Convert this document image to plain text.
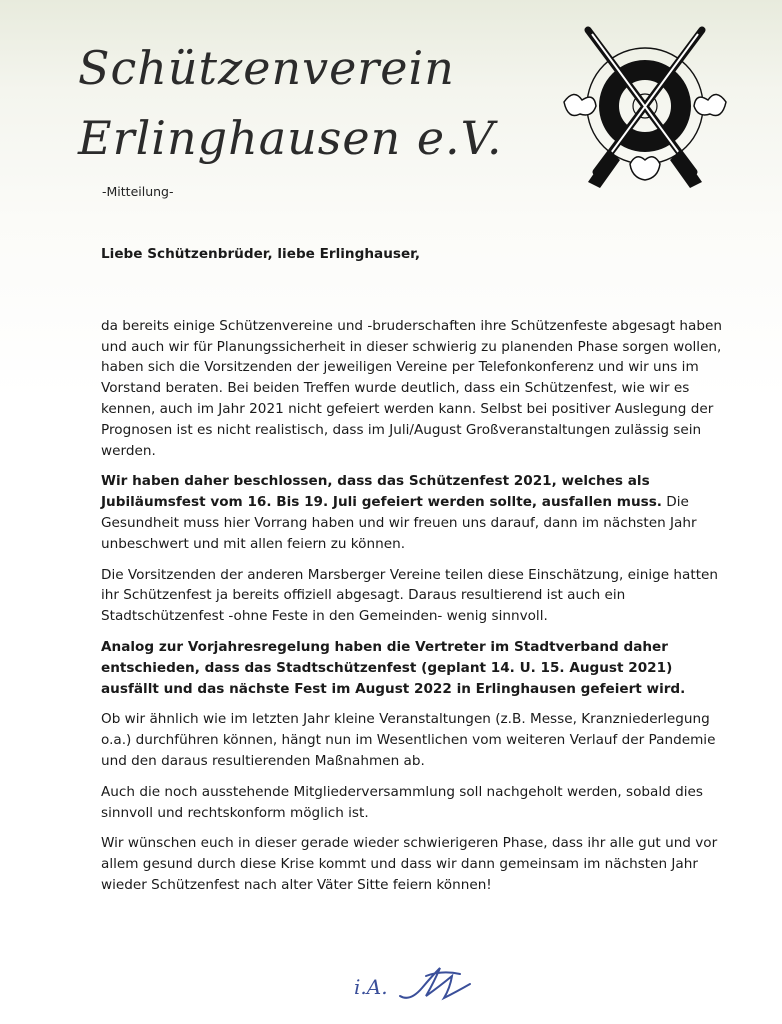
Schützenverein
Erlinghausen e.V.
-Mitteilung-

Liebe Schützenbrüder, liebe Erlinghauser,

da bereits einige Schützenvereine und -bruderschaften ihre Schützenfeste abgesagt haben und auch wir für Planungssicherheit in dieser schwierig zu planenden Phase sorgen wollen, haben sich die Vorsitzenden der jeweiligen Vereine per Telefonkonferenz und wir uns im Vorstand beraten. Bei beiden Treffen wurde deutlich, dass ein Schützenfest, wie wir es kennen, auch im Jahr 2021 nicht gefeiert werden kann. Selbst bei positiver Auslegung der Prognosen ist es nicht realistisch, dass im Juli/August Großveranstaltungen zulässig sein werden.

Wir haben daher beschlossen, dass das Schützenfest 2021, welches als Jubiläumsfest vom 16. Bis 19. Juli gefeiert werden sollte, ausfallen muss. Die Gesundheit muss hier Vorrang haben und wir freuen uns darauf, dann im nächsten Jahr unbeschwert und mit allen feiern zu können.

Die Vorsitzenden der anderen Marsberger Vereine teilen diese Einschätzung, einige hatten ihr Schützenfest ja bereits offiziell abgesagt. Daraus resultierend ist auch ein Stadtschützenfest -ohne Feste in den Gemeinden- wenig sinnvoll.

Analog zur Vorjahresregelung haben die Vertreter im Stadtverband daher entschieden, dass das Stadtschützenfest (geplant 14. U. 15. August 2021) ausfällt und das nächste Fest im August 2022 in Erlinghausen gefeiert wird.

Ob wir ähnlich wie im letzten Jahr kleine Veranstaltungen (z.B. Messe, Kranzniederlegung o.a.) durchführen können, hängt nun im Wesentlichen vom weiteren Verlauf der Pandemie und den daraus resultierenden Maßnahmen ab.

Auch die noch ausstehende Mitgliederversammlung soll nachgeholt werden, sobald dies sinnvoll und rechtskonform möglich ist.

Wir wünschen euch in dieser gerade wieder schwierigeren Phase, dass ihr alle gut und vor allem gesund durch diese Krise kommt und dass wir dann gemeinsam im nächsten Jahr wieder Schützenfest nach alter Väter Sitte feiern können!

i.A.
